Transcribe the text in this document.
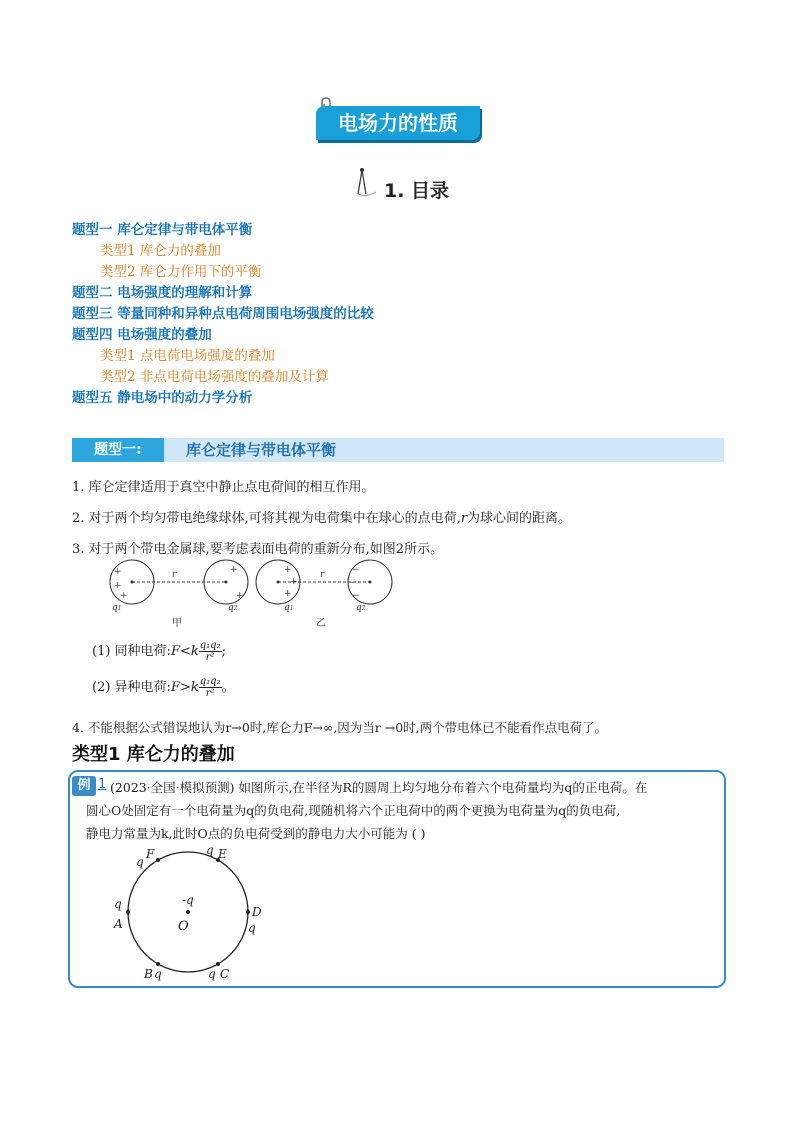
电场力的性质
1. 目录
题型一 库仑定律与带电体平衡
类型1 库仑力的叠加
类型2 库仑力作用下的平衡
题型二 电场强度的理解和计算
题型三 等量同种和异种点电荷周围电场强度的比较
题型四 电场强度的叠加
类型1 点电荷电场强度的叠加
类型2 非点电荷电场强度的叠加及计算
题型五 静电场中的动力学分析
题型一:	库仑定律与带电体平衡
1. 库仑定律适用于真空中静止点电荷间的相互作用。
2. 对于两个均匀带电绝缘球体,可将其视为电荷集中在球心的点电荷,r为球心间的距离。
3. 对于两个带电金属球,要考虑表面电荷的重新分布,如图2所示。
+
+
+
+
+
r
q1	q2
甲
+
+
+
−
−
−
r
q1	q2
乙
(1) 同种电荷:F<k $\frac{\text{q₁q₂}}{\text{r²}}$ ;
(2) 异种电荷:F>k $\frac{\text{q₁q₂}}{\text{r²}}$ 。
4. 不能根据公式错误地认为r→0时,库仑力F→∞,因为当r →0时,两个带电体已不能看作点电荷了。
类型1 库仑力的叠加
例 1 (2023·全国·模拟预测) 如图所示,在半径为R的圆周上均匀地分布着六个电荷量均为q的正电荷。在
圆心O处固定有一个电荷量为q的负电荷,现随机将六个正电荷中的两个更换为电荷量为q的负电荷,
静电力常量为k,此时O点的负电荷受到的静电力大小可能为 ( )
-q
O
q
F	q E
D
q
q C
B q
q
A
